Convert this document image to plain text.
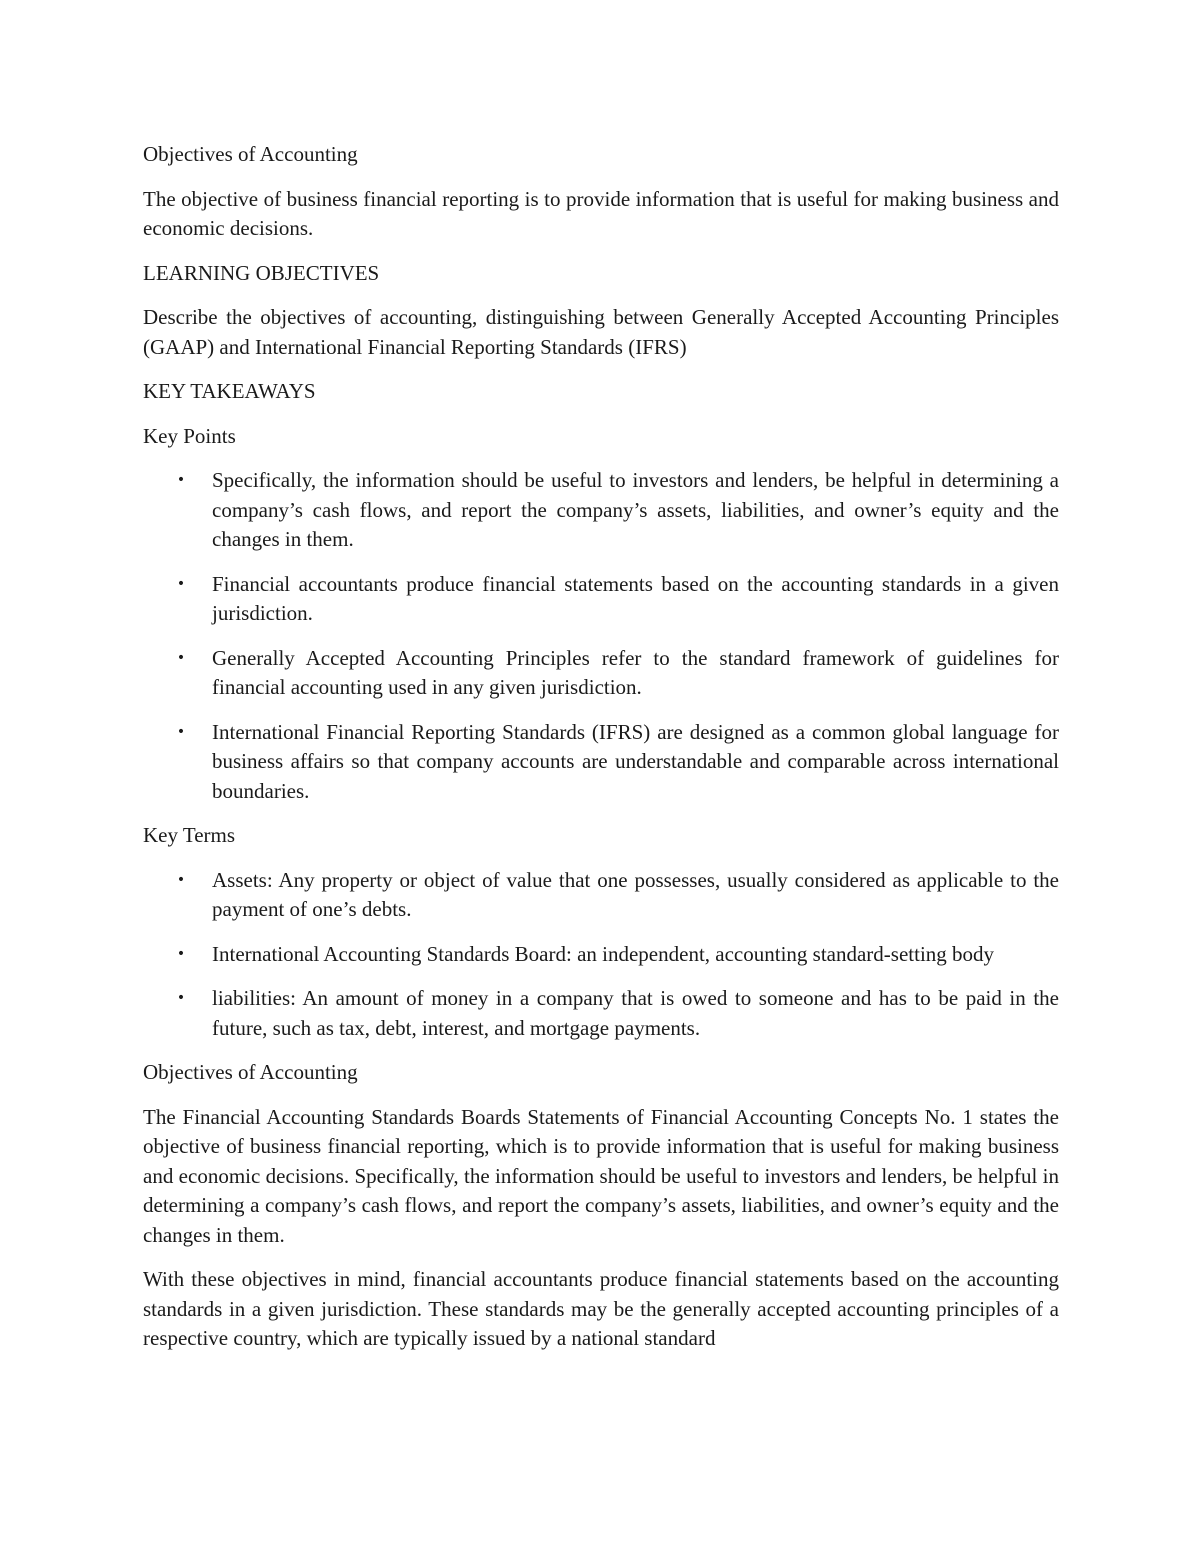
Objectives of Accounting

The objective of business financial reporting is to provide information that is useful for making business and economic decisions.

LEARNING OBJECTIVES

Describe the objectives of accounting, distinguishing between Generally Accepted Accounting Principles (GAAP) and International Financial Reporting Standards (IFRS)

KEY TAKEAWAYS

Key Points

• Specifically, the information should be useful to investors and lenders, be helpful in determining a company’s cash flows, and report the company’s assets, liabilities, and owner’s equity and the changes in them.
• Financial accountants produce financial statements based on the accounting standards in a given jurisdiction.
• Generally Accepted Accounting Principles refer to the standard framework of guidelines for financial accounting used in any given jurisdiction.
• International Financial Reporting Standards (IFRS) are designed as a common global language for business affairs so that company accounts are understandable and comparable across international boundaries.

Key Terms

• Assets: Any property or object of value that one possesses, usually considered as applicable to the payment of one’s debts.
• International Accounting Standards Board: an independent, accounting standard-setting body
• liabilities: An amount of money in a company that is owed to someone and has to be paid in the future, such as tax, debt, interest, and mortgage payments.

Objectives of Accounting

The Financial Accounting Standards Boards Statements of Financial Accounting Concepts No. 1 states the objective of business financial reporting, which is to provide information that is useful for making business and economic decisions. Specifically, the information should be useful to investors and lenders, be helpful in determining a company’s cash flows, and report the company’s assets, liabilities, and owner’s equity and the changes in them.

With these objectives in mind, financial accountants produce financial statements based on the accounting standards in a given jurisdiction. These standards may be the generally accepted accounting principles of a respective country, which are typically issued by a national standard
